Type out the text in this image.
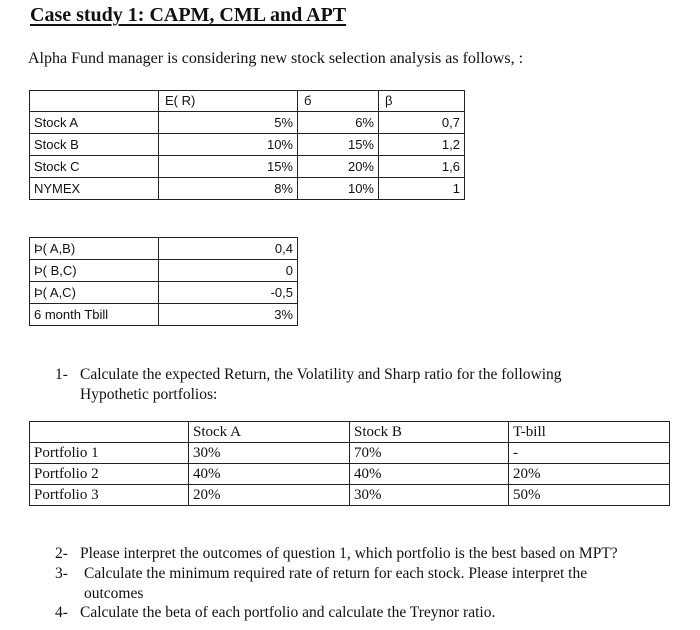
Case study 1: CAPM, CML and APT
Alpha Fund manager is considering new stock selection analysis as follows, :
	E( R)	б	β
Stock A	5%	6%	0,7
Stock B	10%	15%	1,2
Stock C	15%	20%	1,6
NYMEX	8%	10%	1
Þ( A,B)	0,4
Þ( B,C)	0
Þ( A,C)	-0,5
6 month Tbill	3%
1- Calculate the expected Return, the Volatility and Sharp ratio for the following
Hypothetic portfolios:
	Stock A	Stock B	T-bill
Portfolio 1	30%	70%	-
Portfolio 2	40%	40%	20%
Portfolio 3	20%	30%	50%
2- Please interpret the outcomes of question 1, which portfolio is the best based on MPT?
3- Calculate the minimum required rate of return for each stock. Please interpret the
outcomes
4- Calculate the beta of each portfolio and calculate the Treynor ratio.
